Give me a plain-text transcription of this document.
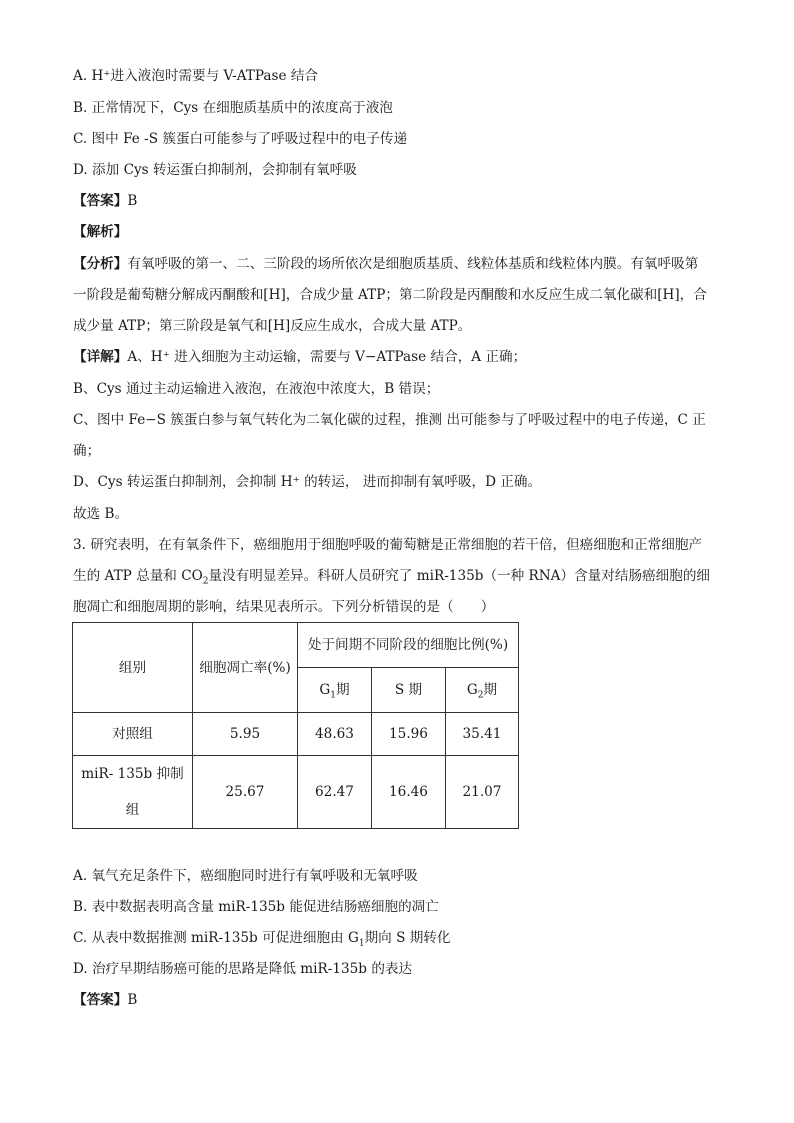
A. H⁺进入液泡时需要与 V-ATPase 结合
B. 正常情况下，Cys 在细胞质基质中的浓度高于液泡
C. 图中 Fe -S 簇蛋白可能参与了呼吸过程中的电子传递
D. 添加 Cys 转运蛋白抑制剂，会抑制有氧呼吸
【答案】B
【解析】
【分析】有氧呼吸的第一、二、三阶段的场所依次是细胞质基质、线粒体基质和线粒体内膜。有氧呼吸第
一阶段是葡萄糖分解成丙酮酸和[H]，合成少量 ATP；第二阶段是丙酮酸和水反应生成二氧化碳和[H]，合
成少量 ATP；第三阶段是氧气和[H]反应生成水，合成大量 ATP。
【详解】A、H⁺ 进入细胞为主动运输，需要与 V−ATPase 结合，A 正确；
B、Cys 通过主动运输进入液泡，在液泡中浓度大，B 错误；
C、图中 Fe−S 簇蛋白参与氧气转化为二氧化碳的过程，推测 出可能参与了呼吸过程中的电子传递，C 正
确；
D、Cys 转运蛋白抑制剂，会抑制 H⁺ 的转运， 进而抑制有氧呼吸，D 正确。
故选 B。
3. 研究表明，在有氧条件下，癌细胞用于细胞呼吸的葡萄糖是正常细胞的若干倍，但癌细胞和正常细胞产
生的 ATP 总量和 $CO_2$量没有明显差异。科研人员研究了 miR-135b（一种 RNA）含量对结肠癌细胞的细
胞凋亡和细胞周期的影响，结果见表所示。下列分析错误的是（　　）
组别	细胞凋亡率(%)	处于间期不同阶段的细胞比例(%)		
		$G_1$期	S 期	$G_2$期
对照组	5.95	48.63	15.96	35.41
miR- 135b 抑制
组	25.67	62.47	16.46	21.07
A. 氧气充足条件下，癌细胞同时进行有氧呼吸和无氧呼吸
B. 表中数据表明高含量 miR-135b 能促进结肠癌细胞的凋亡
C. 从表中数据推测 miR-135b 可促进细胞由 $G_1$期向 S 期转化
D. 治疗早期结肠癌可能的思路是降低 miR-135b 的表达
【答案】B
